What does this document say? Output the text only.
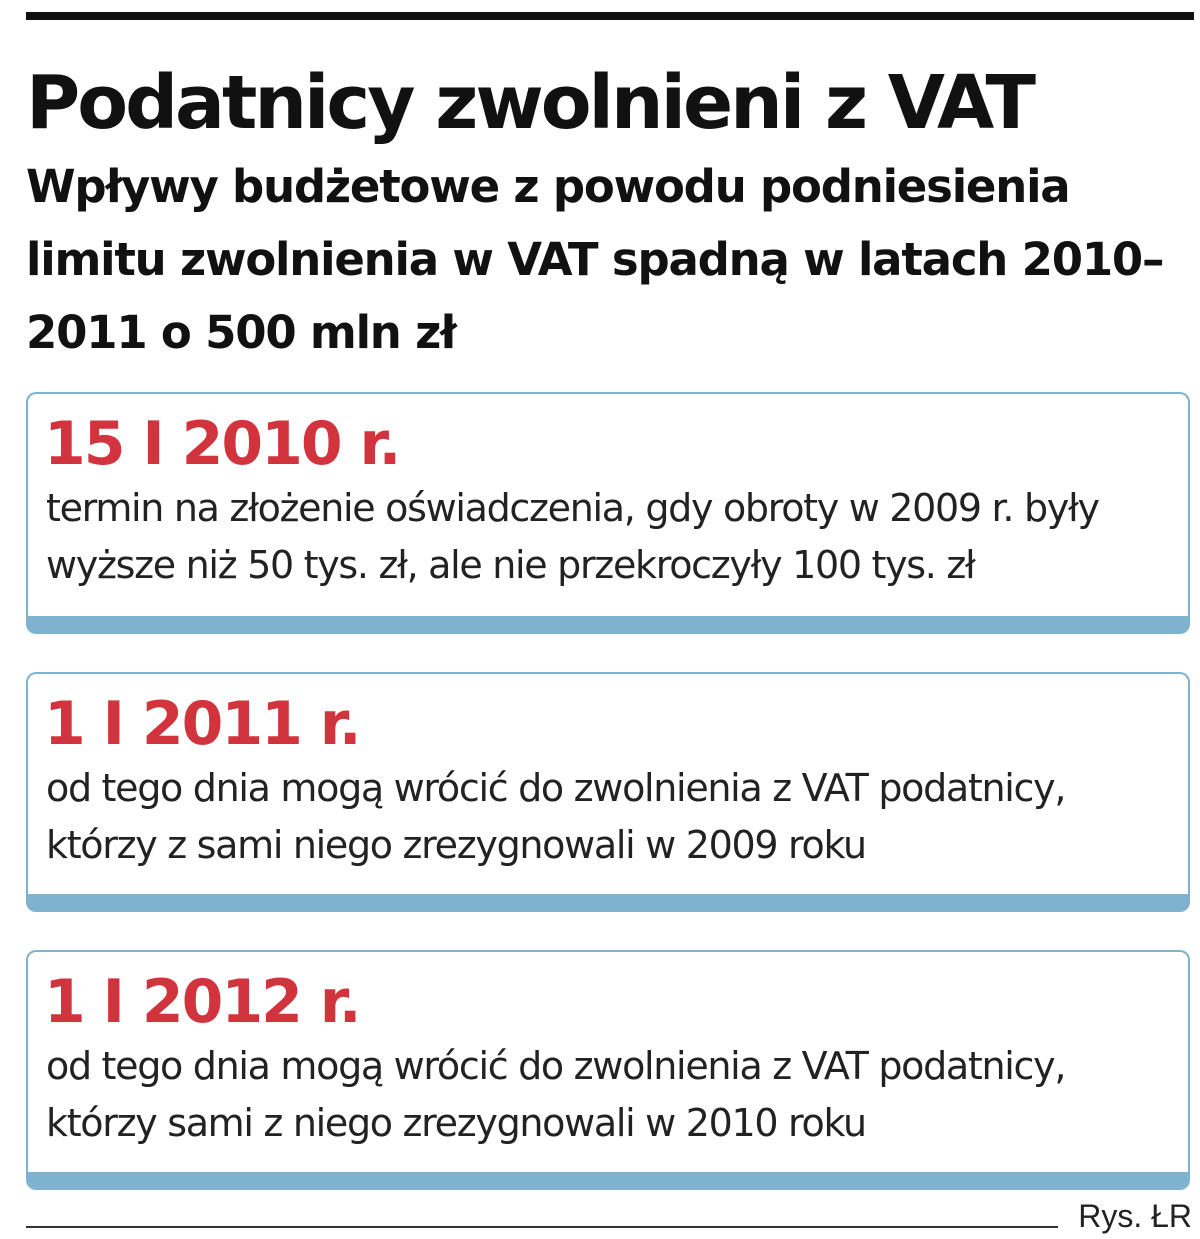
Podatnicy zwolnieni z VAT

Wpływy budżetowe z powodu podniesienia limitu zwolnienia w VAT spadną w latach 2010–2011 o 500 mln zł

15 I 2010 r.
termin na złożenie oświadczenia, gdy obroty w 2009 r. były wyższe niż 50 tys. zł, ale nie przekroczyły 100 tys. zł
1 I 2011 r.
od tego dnia mogą wrócić do zwolnienia z VAT podatnicy, którzy z sami niego zrezygnowali w 2009 roku
1 I 2012 r.
od tego dnia mogą wrócić do zwolnienia z VAT podatnicy, którzy sami z niego zrezygnowali w 2010 roku
Rys. ŁR
